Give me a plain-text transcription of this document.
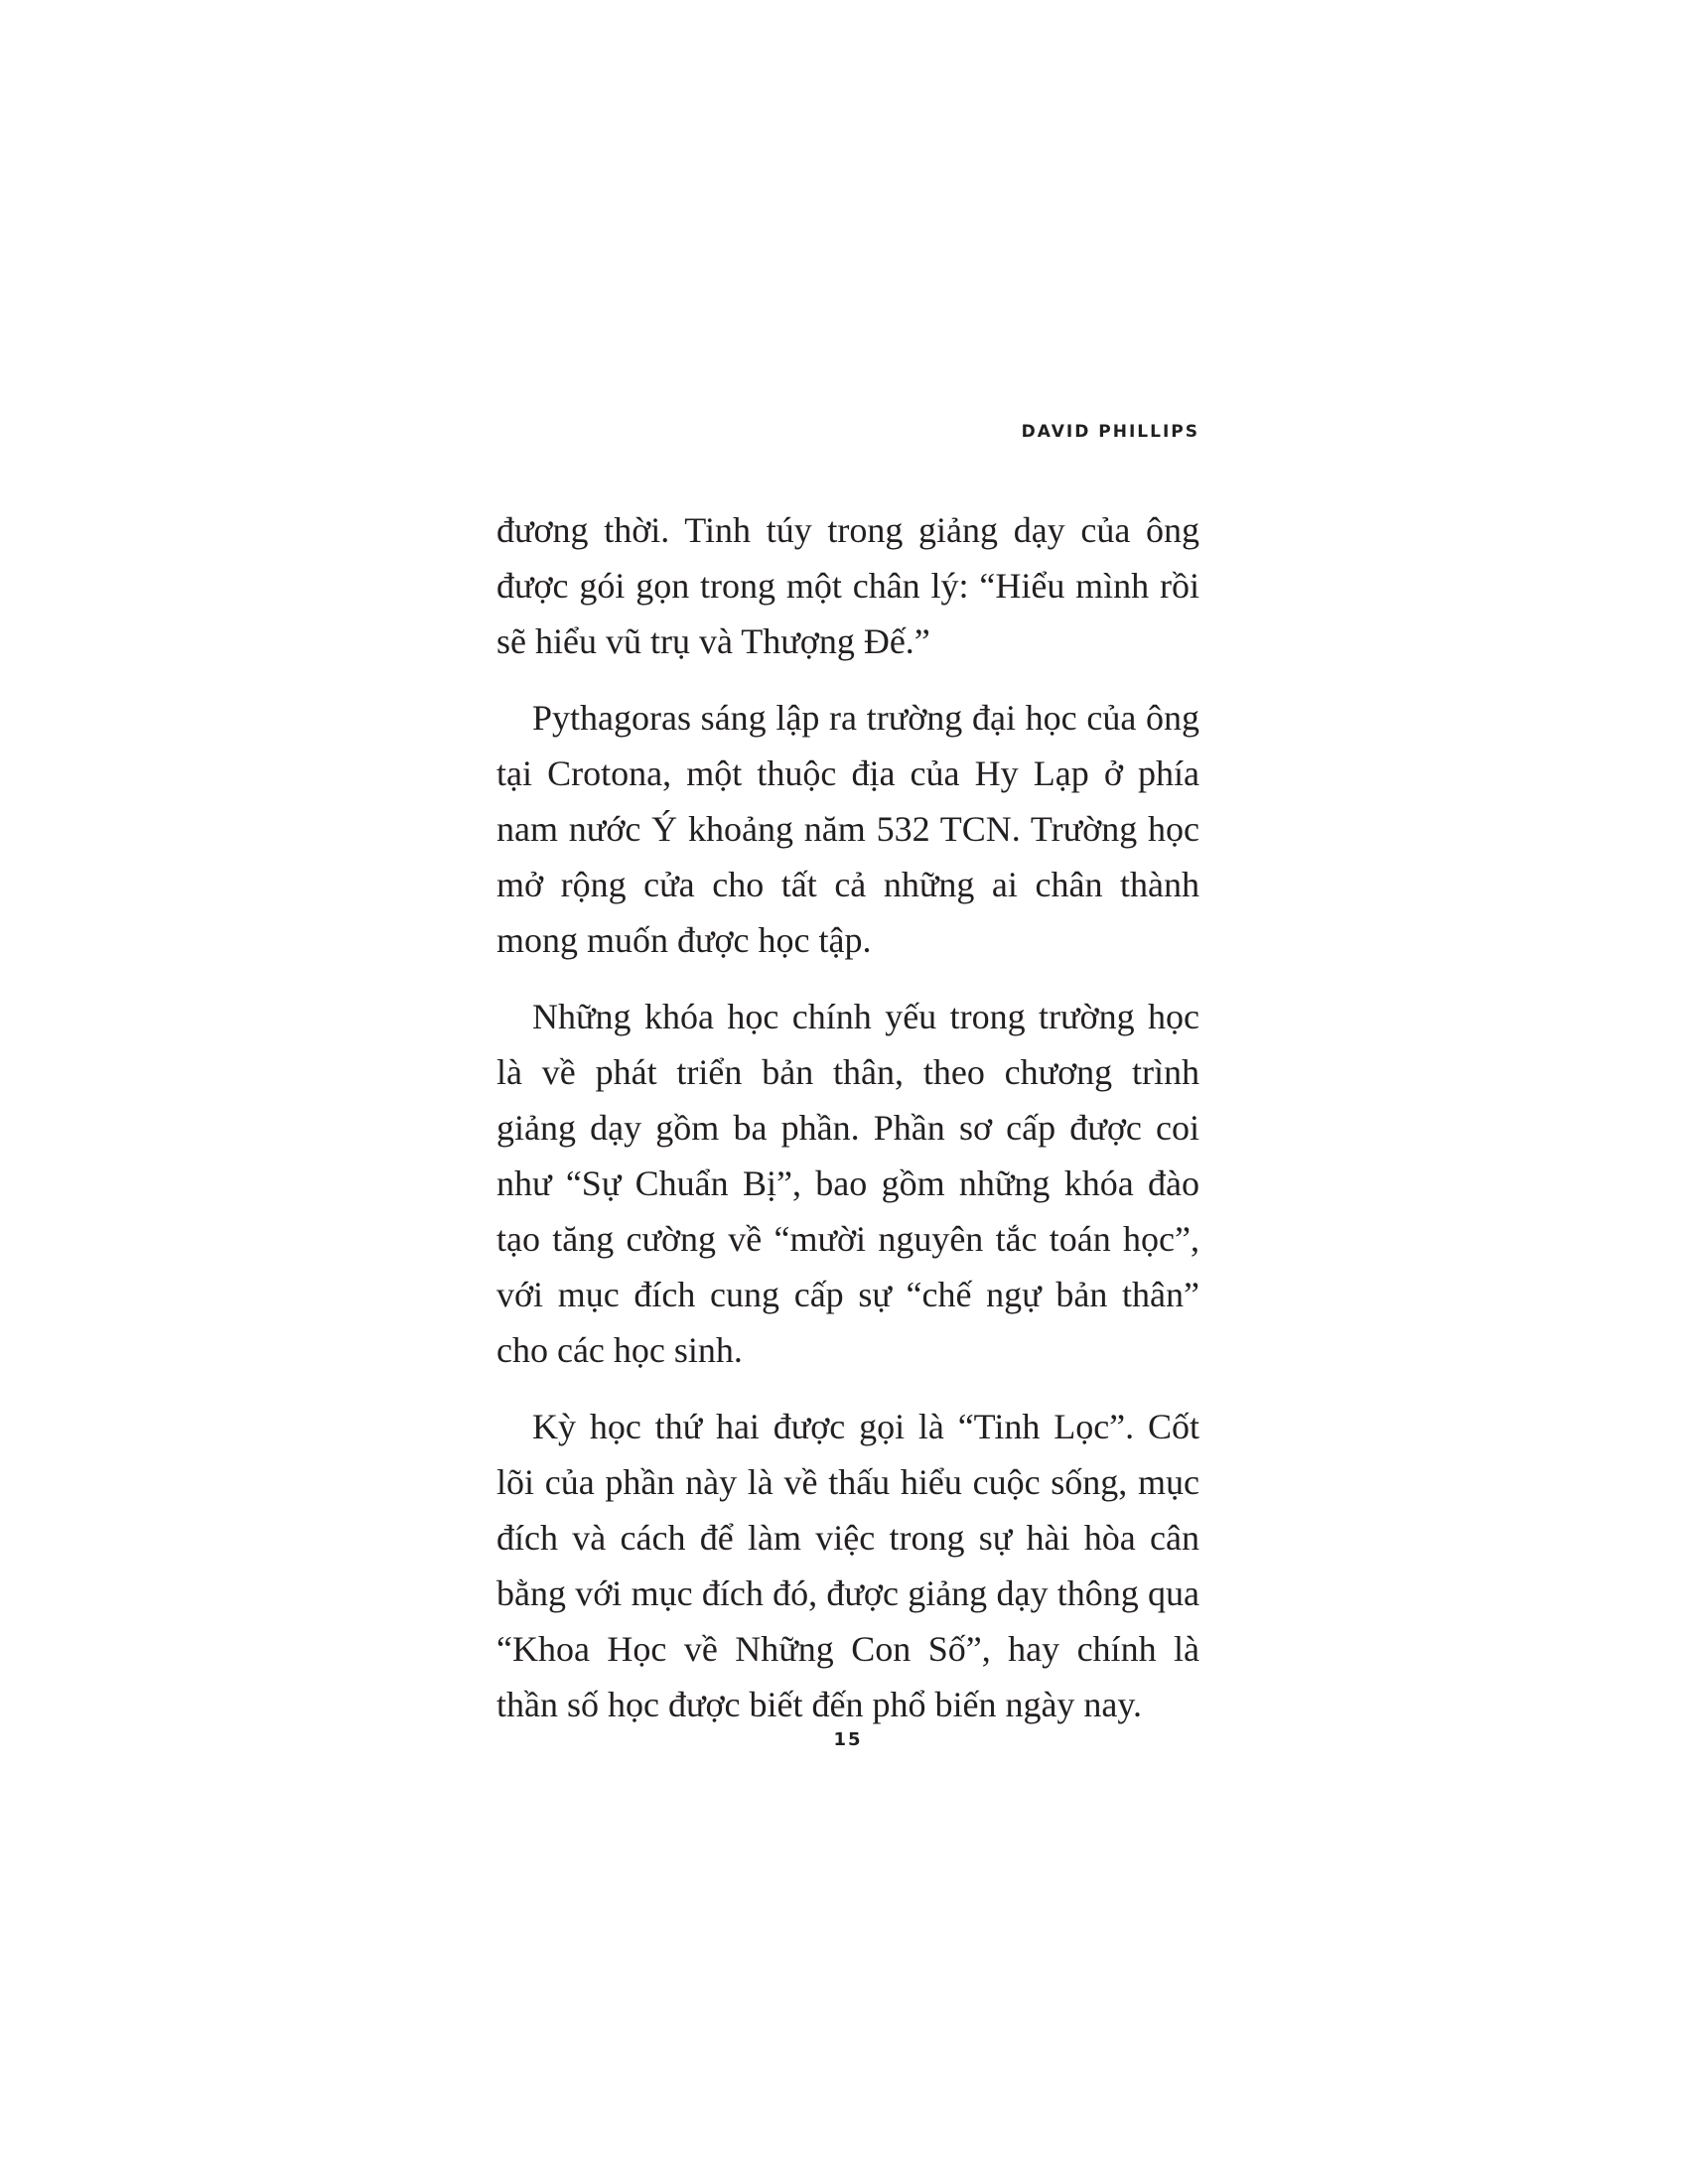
DAVID PHILLIPS

đương thời. Tinh túy trong giảng dạy của ông được gói gọn trong một chân lý: “Hiểu mình rồi sẽ hiểu vũ trụ và Thượng Đế.”

Pythagoras sáng lập ra trường đại học của ông tại Crotona, một thuộc địa của Hy Lạp ở phía nam nước Ý khoảng năm 532 TCN. Trường học mở rộng cửa cho tất cả những ai chân thành mong muốn được học tập.

Những khóa học chính yếu trong trường học là về phát triển bản thân, theo chương trình giảng dạy gồm ba phần. Phần sơ cấp được coi như “Sự Chuẩn Bị”, bao gồm những khóa đào tạo tăng cường về “mười nguyên tắc toán học”, với mục đích cung cấp sự “chế ngự bản thân” cho các học sinh.

Kỳ học thứ hai được gọi là “Tinh Lọc”. Cốt lõi của phần này là về thấu hiểu cuộc sống, mục đích và cách để làm việc trong sự hài hòa cân bằng với mục đích đó, được giảng dạy thông qua “Khoa Học về Những Con Số”, hay chính là thần số học được biết đến phổ biến ngày nay.

15
